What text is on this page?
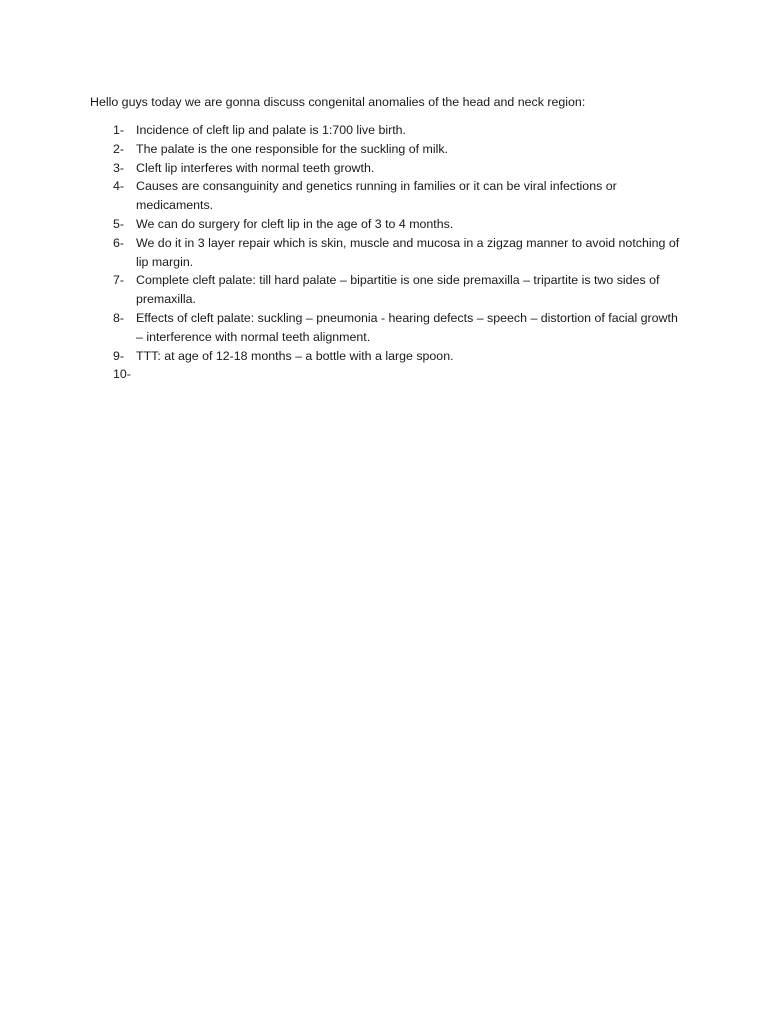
Hello guys today we are gonna discuss congenital anomalies of the head and neck region:
1- Incidence of cleft lip and palate is 1:700 live birth.
2- The palate is the one responsible for the suckling of milk.
3- Cleft lip interferes with normal teeth growth.
4- Causes are consanguinity and genetics running in families or it can be viral infections or medicaments.
5- We can do surgery for cleft lip in the age of 3 to 4 months.
6- We do it in 3 layer repair which is skin, muscle and mucosa in a zigzag manner to avoid notching of lip margin.
7- Complete cleft palate: till hard palate – bipartitie is one side premaxilla – tripartite is two sides of premaxilla.
8- Effects of cleft palate: suckling – pneumonia - hearing defects – speech – distortion of facial growth – interference with normal teeth alignment.
9- TTT: at age of 12-18 months – a bottle with a large spoon.
10-
